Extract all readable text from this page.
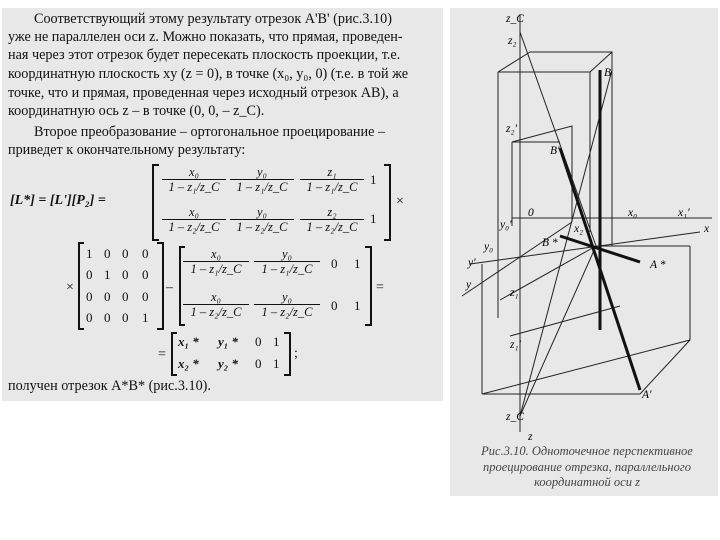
Соответствующий этому результату отрезок A'B' (рис.3.10)

уже не параллелен оси z. Можно показать, что прямая, проведен-

ная через этот отрезок будет пересекать плоскость проекции, т.е.

координатную плоскость xy (z = 0), в точке (x₀, y₀, 0) (т.е. в той же

точке, что и прямая, проведенная через исходный отрезок AB), а

координатную ось z – в точке (0, 0, – z_C).

Второе преобразование – ортогональное проецирование –

приведет к окончательному результату:

[L*] = [L'][P₂] =
$\frac{\text{x₀}}{\text{1 – z₁/z\_C}} \frac{\text{y₀}}{\text{1 – z₁/z\_C}} \frac{\text{z₁}}{\text{1 – z₁/z\_C}} 1$
$\frac{\text{x₀}}{\text{1 – z₂/z\_C}} \frac{\text{y₀}}{\text{1 – z₂/z\_C}} \frac{\text{z₂}}{\text{1 – z₂/z\_C}} 1$
×
×
1 0 0 0
0 1 0 0
0 0 0 0
0 0 0 1
–
$\frac{\text{x₀}}{\text{1 – z₁/z\_C}} \frac{\text{y₀}}{\text{1 – z₁/z\_C}} 0$ 1
$\frac{\text{x₀}}{\text{1 – z₂/z\_C}} \frac{\text{y₀}}{\text{1 – z₂/z\_C}} 0$ 1
=
=
x₁ * y₁ * 0 1
x₂ * y₂ * 0 1
;

получен отрезок A*B* (рис.3.10).

z_C
z₂
z₂'
B
B'
y₀'
y₀
0	x₀	x₁'
x
B *
x₂
A *
y'
y
z₁
z₁'
A'
z_C
z
Рис.3.10. Одноточечное перспективное проецирование отрезка, параллельного координатной оси z
